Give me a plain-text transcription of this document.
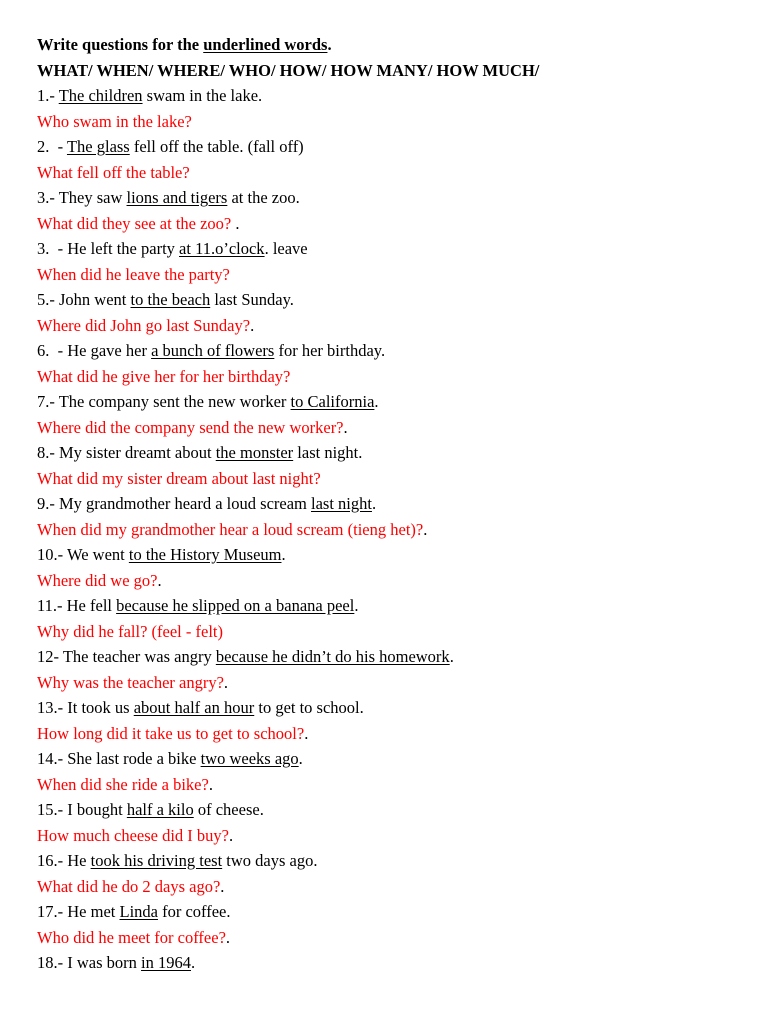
Write questions for the underlined words.
WHAT/ WHEN/ WHERE/ WHO/ HOW/ HOW MANY/ HOW MUCH/
1.- The children swam in the lake.
Who swam in the lake?
2.  - The glass fell off the table. (fall off)
What fell off the table?
3.- They saw lions and tigers at the zoo.
What did they see at the zoo? .
3.  - He left the party at 11.o’clock. leave
When did he leave the party?
5.- John went to the beach last Sunday.
Where did John go last Sunday?.
6.  - He gave her a bunch of flowers for her birthday.
What did he give her for her birthday?
7.- The company sent the new worker to California.
Where did the company send the new worker?.
8.- My sister dreamt about the monster last night.
What did my sister dream about last night?
9.- My grandmother heard a loud scream last night.
When did my grandmother hear a loud scream (tieng het)?.
10.- We went to the History Museum.
Where did we go?.
11.- He fell because he slipped on a banana peel.
Why did he fall? (feel - felt)
12- The teacher was angry because he didn’t do his homework.
Why was the teacher angry?.
13.- It took us about half an hour to get to school.
How long did it take us to get to school?.
14.- She last rode a bike two weeks ago.
When did she ride a bike?.
15.- I bought half a kilo of cheese.
How much cheese did I buy?.
16.- He took his driving test two days ago.
What did he do 2 days ago?.
17.- He met Linda for coffee.
Who did he meet for coffee?.
18.- I was born in 1964.
